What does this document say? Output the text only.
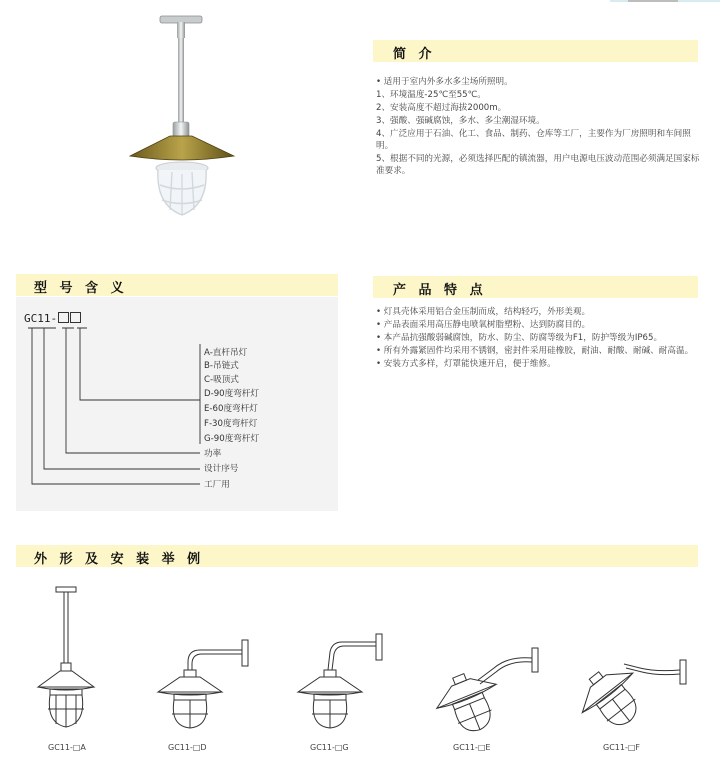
简 介
型 号 含 义	产 品 特 点
外 形 及 安 装 举 例
• 适用于室内外多水多尘场所照明。
1、环境温度-25℃至55℃。
2、安装高度不超过海拔2000m。
3、强酸、强碱腐蚀，多水、多尘潮湿环境。
4、广泛应用于石油、化工、食品、制药、仓库等工厂，主要作为厂房照明和车间照明。
5、根据不同的光源，必须选择匹配的镇流器，用户电源电压波动范围必须满足国家标准要求。
• 灯具壳体采用铝合金压制而成，结构轻巧，外形美观。
• 产品表面采用高压静电喷氧树脂塑粉、达到防腐目的。
• 本产品抗强酸弱碱腐蚀，防水、防尘、防腐等级为F1，防护等级为IP65。
• 所有外露紧固件均采用不锈钢，密封件采用硅橡胶，耐油、耐酸、耐碱、耐高温。
• 安装方式多样，灯罩能快速开启，便于维修。
GC11-
A-直杆吊灯
B-吊链式
C-吸顶式
D-90度弯杆灯
E-60度弯杆灯
F-30度弯杆灯
G-90度弯杆灯
功率
设计序号
工厂用
GC11-□A	GC11-□D	GC11-□G	GC11-□E	GC11-□F
